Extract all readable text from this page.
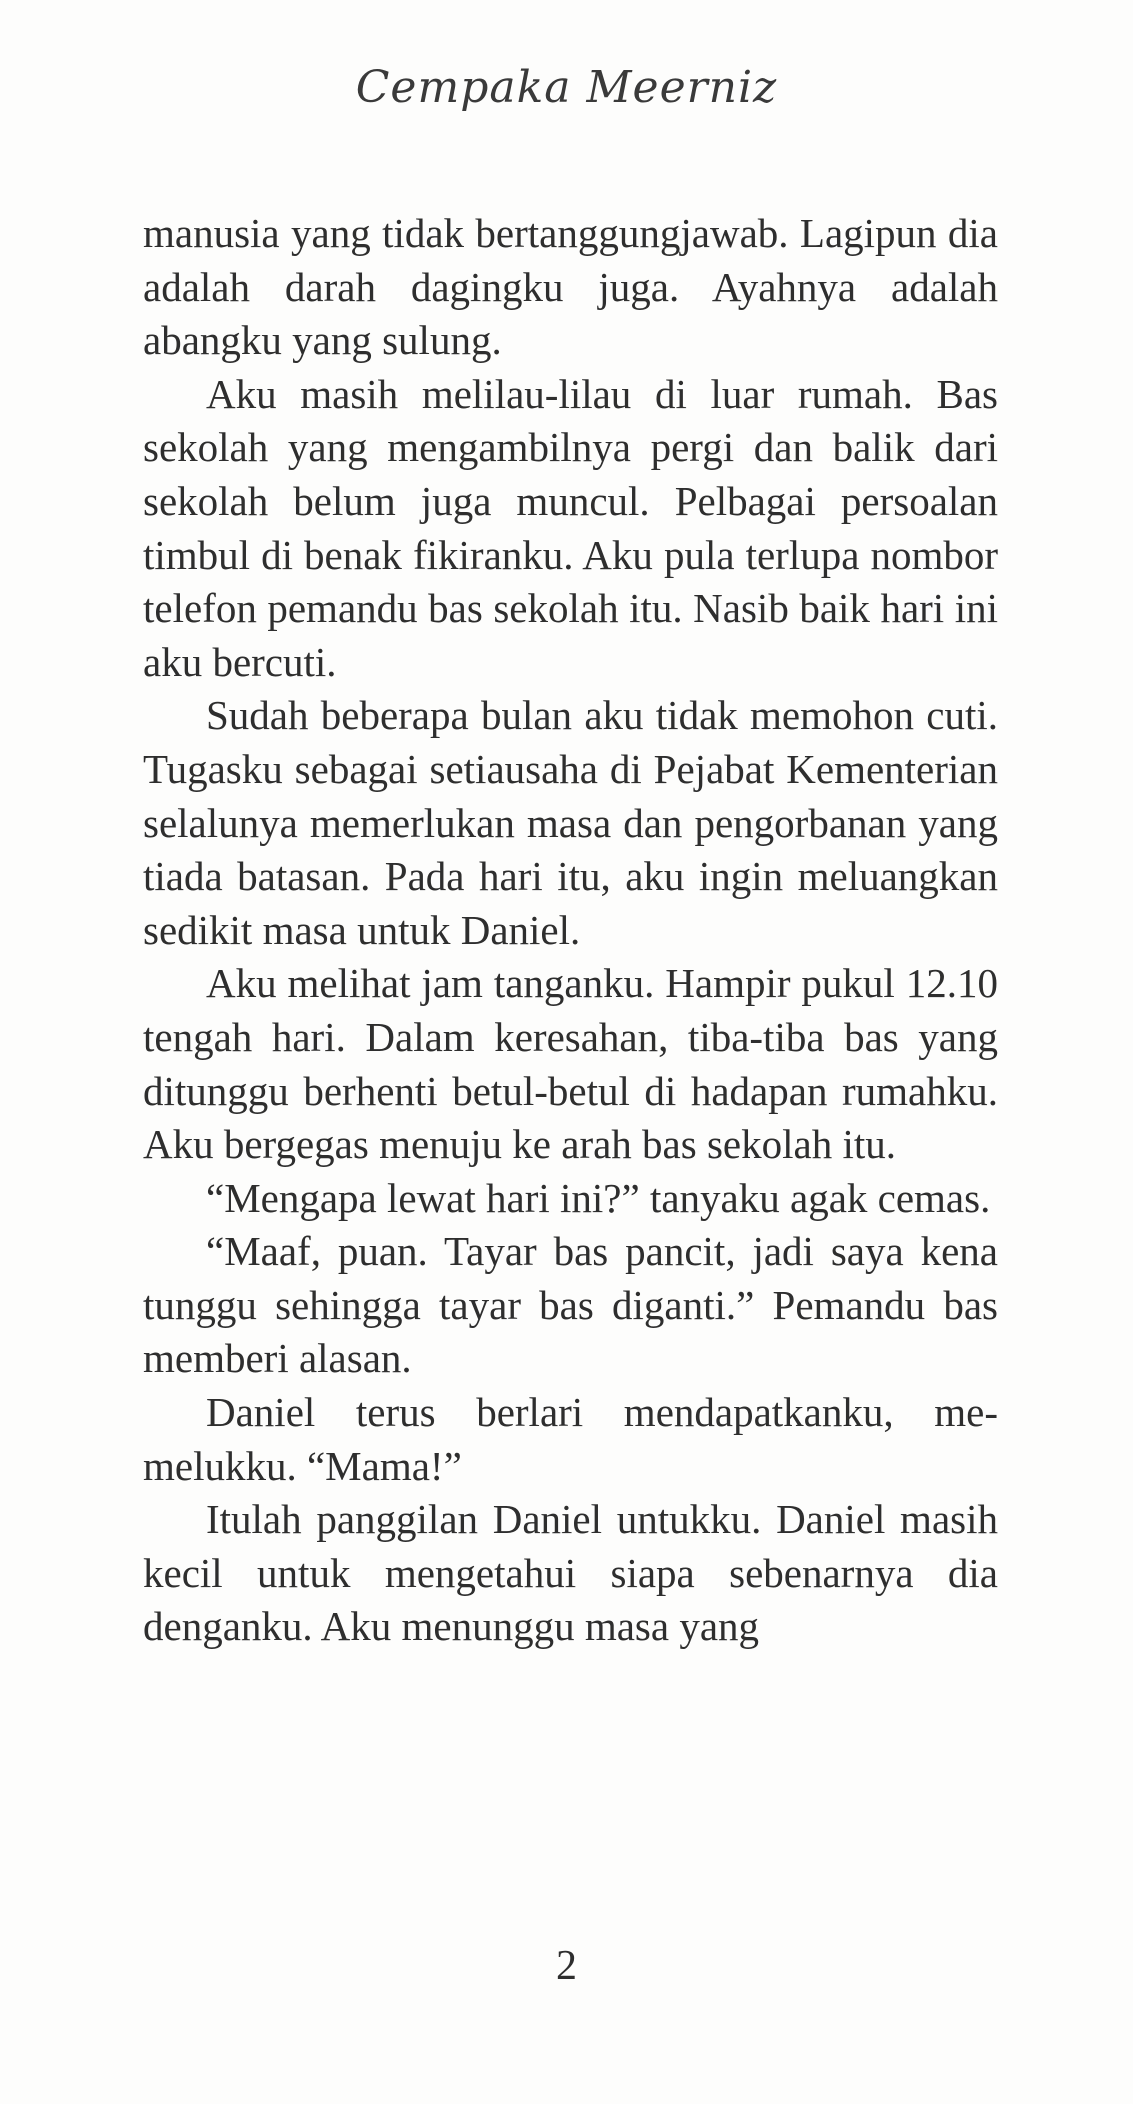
Cempaka Meerniz

manusia yang tidak bertanggungjawab. Lagipun dia adalah darah dagingku juga. Ayahnya adalah abangku yang sulung.

Aku masih melilau-lilau di luar rumah. Bas sekolah yang mengambilnya pergi dan balik dari sekolah belum juga muncul. Pelbagai persoalan timbul di benak fikiranku. Aku pula terlupa nombor telefon pemandu bas sekolah itu. Nasib baik hari ini aku bercuti.

Sudah beberapa bulan aku tidak memohon cuti. Tugasku sebagai setiausaha di Pejabat Kementerian selalunya memerlukan masa dan pengorbanan yang tiada batasan. Pada hari itu, aku ingin meluangkan sedikit masa untuk Daniel.

Aku melihat jam tanganku. Hampir pukul 12.10 tengah hari. Dalam keresahan, tiba-tiba bas yang ditunggu berhenti betul-betul di hadapan rumahku. Aku bergegas menuju ke arah bas sekolah itu.

“Mengapa lewat hari ini?” tanyaku agak cemas.

“Maaf, puan. Tayar bas pancit, jadi saya kena tunggu sehingga tayar bas diganti.” Pemandu bas memberi alasan.

Daniel terus berlari mendapatkanku, memelukku. “Mama!”

Itulah panggilan Daniel untukku. Daniel masih kecil untuk mengetahui siapa sebenarnya dia denganku. Aku menunggu masa yang

2
